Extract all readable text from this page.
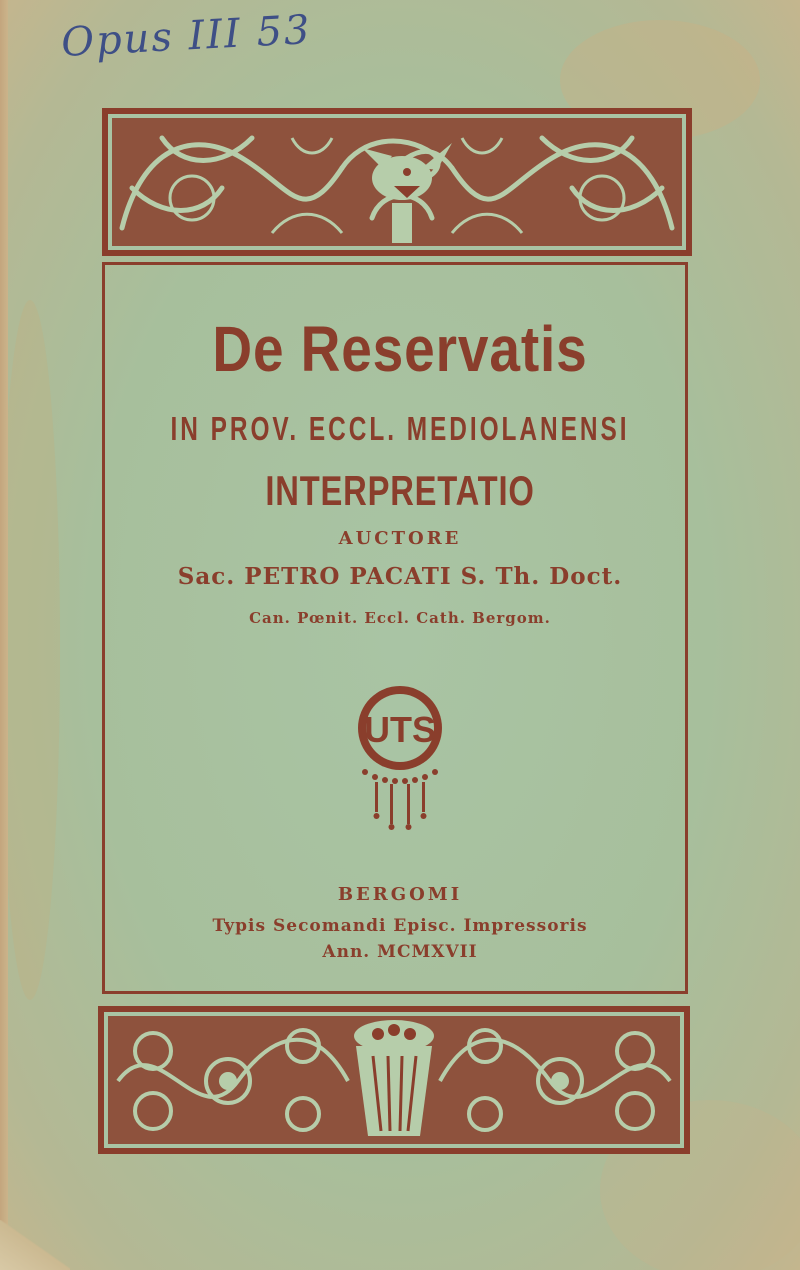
Opus III 53
De Reservatis
IN PROV. ECCL. MEDIOLANENSI
INTERPRETATIO
AUCTORE
Sac. PETRO PACATI S. Th. Doct.
Can. Pœnit. Eccl. Cath. Bergom.
UTS
BERGOMI
Typis Secomandi Episc. Impressoris
Ann. MCMXVII
